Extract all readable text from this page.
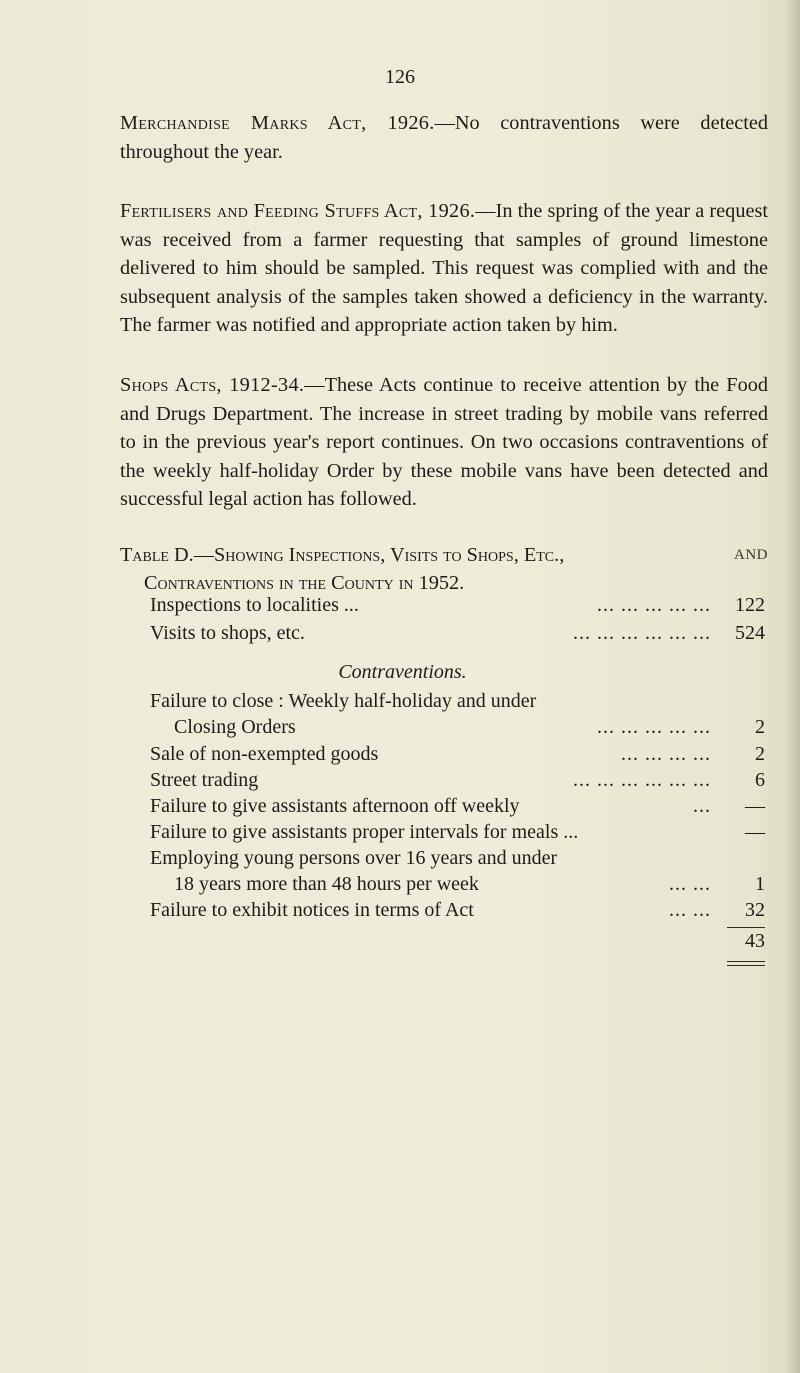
126

Merchandise Marks Act, 1926.—No contraventions were detected throughout the year.

Fertilisers and Feeding Stuffs Act, 1926.—In the spring of the year a request was received from a farmer requesting that samples of ground limestone delivered to him should be sampled. This request was complied with and the subsequent analysis of the samples taken showed a deficiency in the warranty. The farmer was notified and appropriate action taken by him.

Shops Acts, 1912-34.—These Acts continue to receive attention by the Food and Drugs Department. The increase in street trading by mobile vans referred to in the previous year's report continues. On two occasions contraventions of the weekly half-holiday Order by these mobile vans have been detected and successful legal action has followed.

Table D.—Showing Inspections, Visits to Shops, Etc.,	AND
Contraventions in the County in 1952.
Inspections to localities ...	... ... ... ... ...	122
Visits to shops, etc.	... ... ... ... ... ...	524
Contraventions.
Failure to close : Weekly half-holiday and under
Closing Orders	... ... ... ... ...	2
Sale of non-exempted goods	... ... ... ...	2
Street trading	... ... ... ... ... ...	6
Failure to give assistants afternoon off weekly	...	—
Failure to give assistants proper intervals for meals ...	—
Employing young persons over 16 years and under
18 years more than 48 hours per week	... ...	1
Failure to exhibit notices in terms of Act	... ...	32
43
